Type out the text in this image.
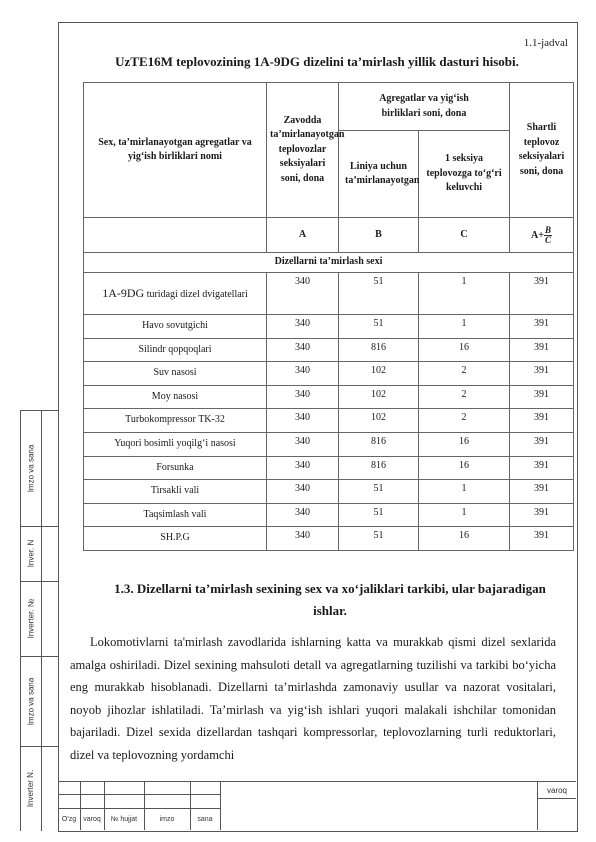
Imzo va sana
Inver. N
Inverter. №
Imzo va sana
Inverter N.
1.1-jadval
UzTE16M teplovozining 1A-9DG dizelini ta’mirlash yillik dasturi hisobi.
Sex, ta’mirlanayotgan agregatlar va yig‘ish birliklari nomi	Zavodda ta’mirlanayotgan teplovozlar seksiyalari soni, dona	Agregatlar va yig‘ish birliklari soni, dona		Shartli teplovoz seksiyalari soni, dona
		Liniya uchun ta’mirlanayotgan	1 seksiya teplovozga to‘g‘ri keluvchi	
	A	B	C	$A+ \frac{B}{C}$

Dizellarni ta’mirlash sexi				
1A-9DG turidagi dizel dvigatellari	340	51	1	391
Havo sovutgichi	340	51	1	391
Silindr qopqoqlari	340	816	16	391
Suv nasosi	340	102	2	391
Moy nasosi	340	102	2	391
Turbokompressor TK-32	340	102	2	391
Yuqori bosimli yoqilg‘i nasosi	340	816	16	391
Forsunka	340	816	16	391
Tirsakli vali	340	51	1	391
Taqsimlash vali	340	51	1	391
SH.P.G	340	51	16	391
1.3. Dizellarni ta’mirlash sexining sex va xo‘jaliklari tarkibi, ular bajaradigan ishlar.

Lokomotivlarni ta'mirlash zavodlarida ishlarning katta va murakkab qismi dizel sexlarida amalga oshiriladi. Dizel sexining mahsuloti detall va agregatlarning tuzilishi va tarkibi bo‘yicha eng murakkab hisoblanadi. Dizellarni ta’mirlashda zamonaviy usullar va nazorat vositalari, noyob jihozlar ishlatiladi. Ta’mirlash va yig‘ish ishlari yuqori malakali ishchilar tomonidan bajariladi. Dizel sexida dizellardan tashqari kompressorlar, teplovozlarning turli reduktorlari, dizel va teplovozning yordamchi

O'zg	varoq	№ hujjat	imzo	sana
varoq
